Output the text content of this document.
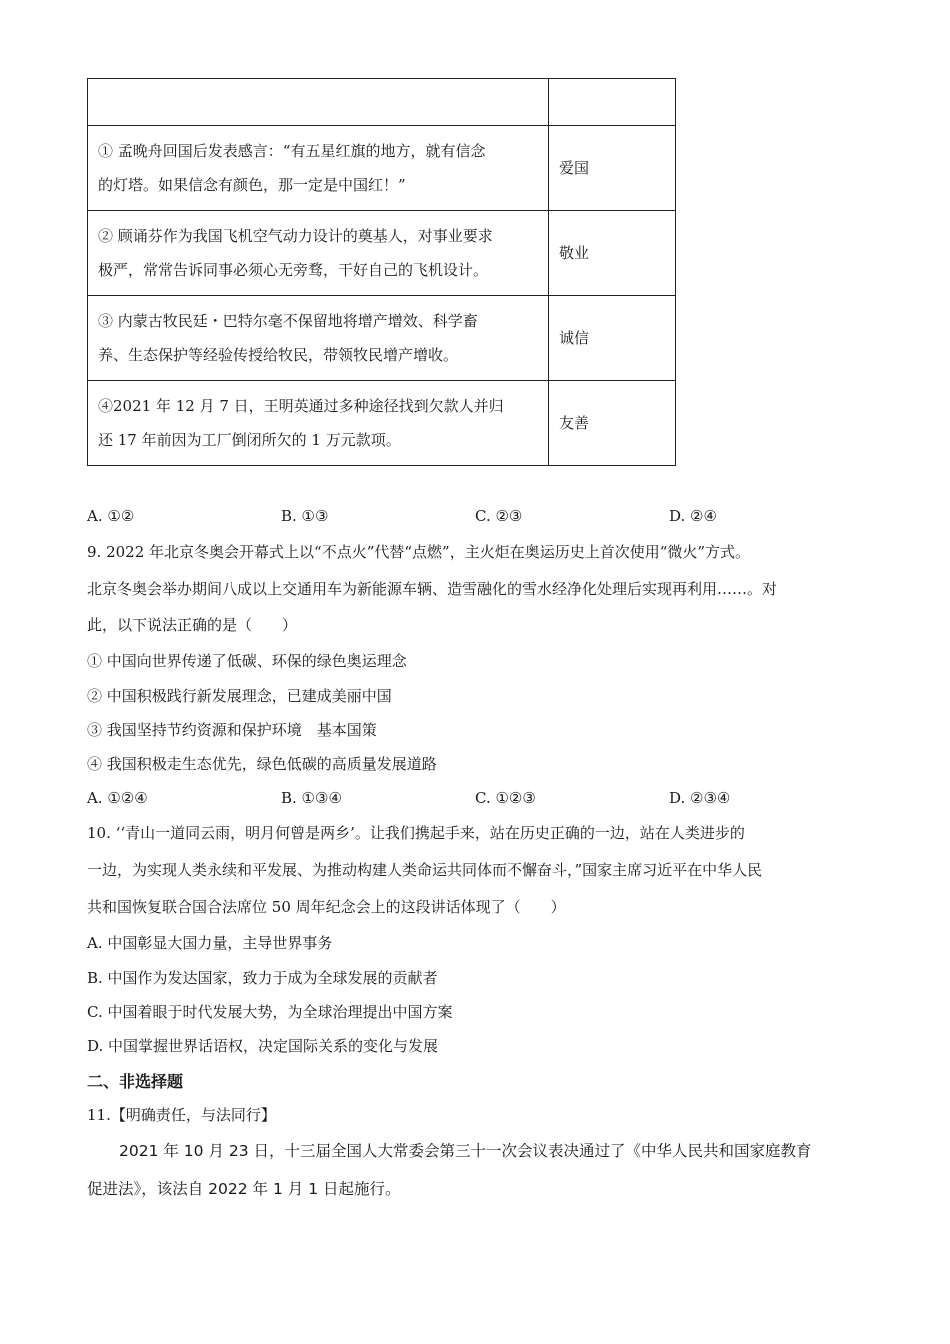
① 孟晚舟回国后发表感言：“有五星红旗的地方，就有信念
的灯塔。如果信念有颜色，那一定是中国红！”	爱国

② 顾诵芬作为我国飞机空气动力设计的奠基人，对事业要求
极严，常常告诉同事必须心无旁骛，干好自己的飞机设计。	敬业

③ 内蒙古牧民廷・巴特尔毫不保留地将增产增效、科学畜
养、生态保护等经验传授给牧民，带领牧民增产增收。	诚信

④2021 年 12 月 7 日，王明英通过多种途径找到欠款人并归
还 17 年前因为工厂倒闭所欠的 1 万元款项。	友善
A. ①②	B. ①③	C. ②③	D. ②④
9. 2022 年北京冬奥会开幕式上以“不点火”代替“点燃”，主火炬在奥运历史上首次使用“微火”方式。
北京冬奥会举办期间八成以上交通用车为新能源车辆、造雪融化的雪水经净化处理后实现再利用……。对
此，以下说法正确的是（　　）
① 中国向世界传递了低碳、环保的绿色奥运理念
② 中国积极践行新发展理念，已建成美丽中国
③ 我国坚持节约资源和保护环境　基本国策
④ 我国积极走生态优先，绿色低碳的高质量发展道路
A. ①②④	B. ①③④	C. ①②③	D. ②③④
10. ‘‘青山一道同云雨，明月何曾是两乡’。让我们携起手来，站在历史正确的一边，站在人类进步的
一边，为实现人类永续和平发展、为推动构建人类命运共同体而不懈奋斗，”国家主席习近平在中华人民
共和国恢复联合国合法席位 50 周年纪念会上的这段讲话体现了（　　）
A. 中国彰显大国力量，主导世界事务
B. 中国作为发达国家，致力于成为全球发展的贡献者
C. 中国着眼于时代发展大势，为全球治理提出中国方案
D. 中国掌握世界话语权，决定国际关系的变化与发展
二、非选择题
11.【明确责任，与法同行】
2021 年 10 月 23 日，十三届全国人大常委会第三十一次会议表决通过了《中华人民共和国家庭教育
促进法》，该法自 2022 年 1 月 1 日起施行。
